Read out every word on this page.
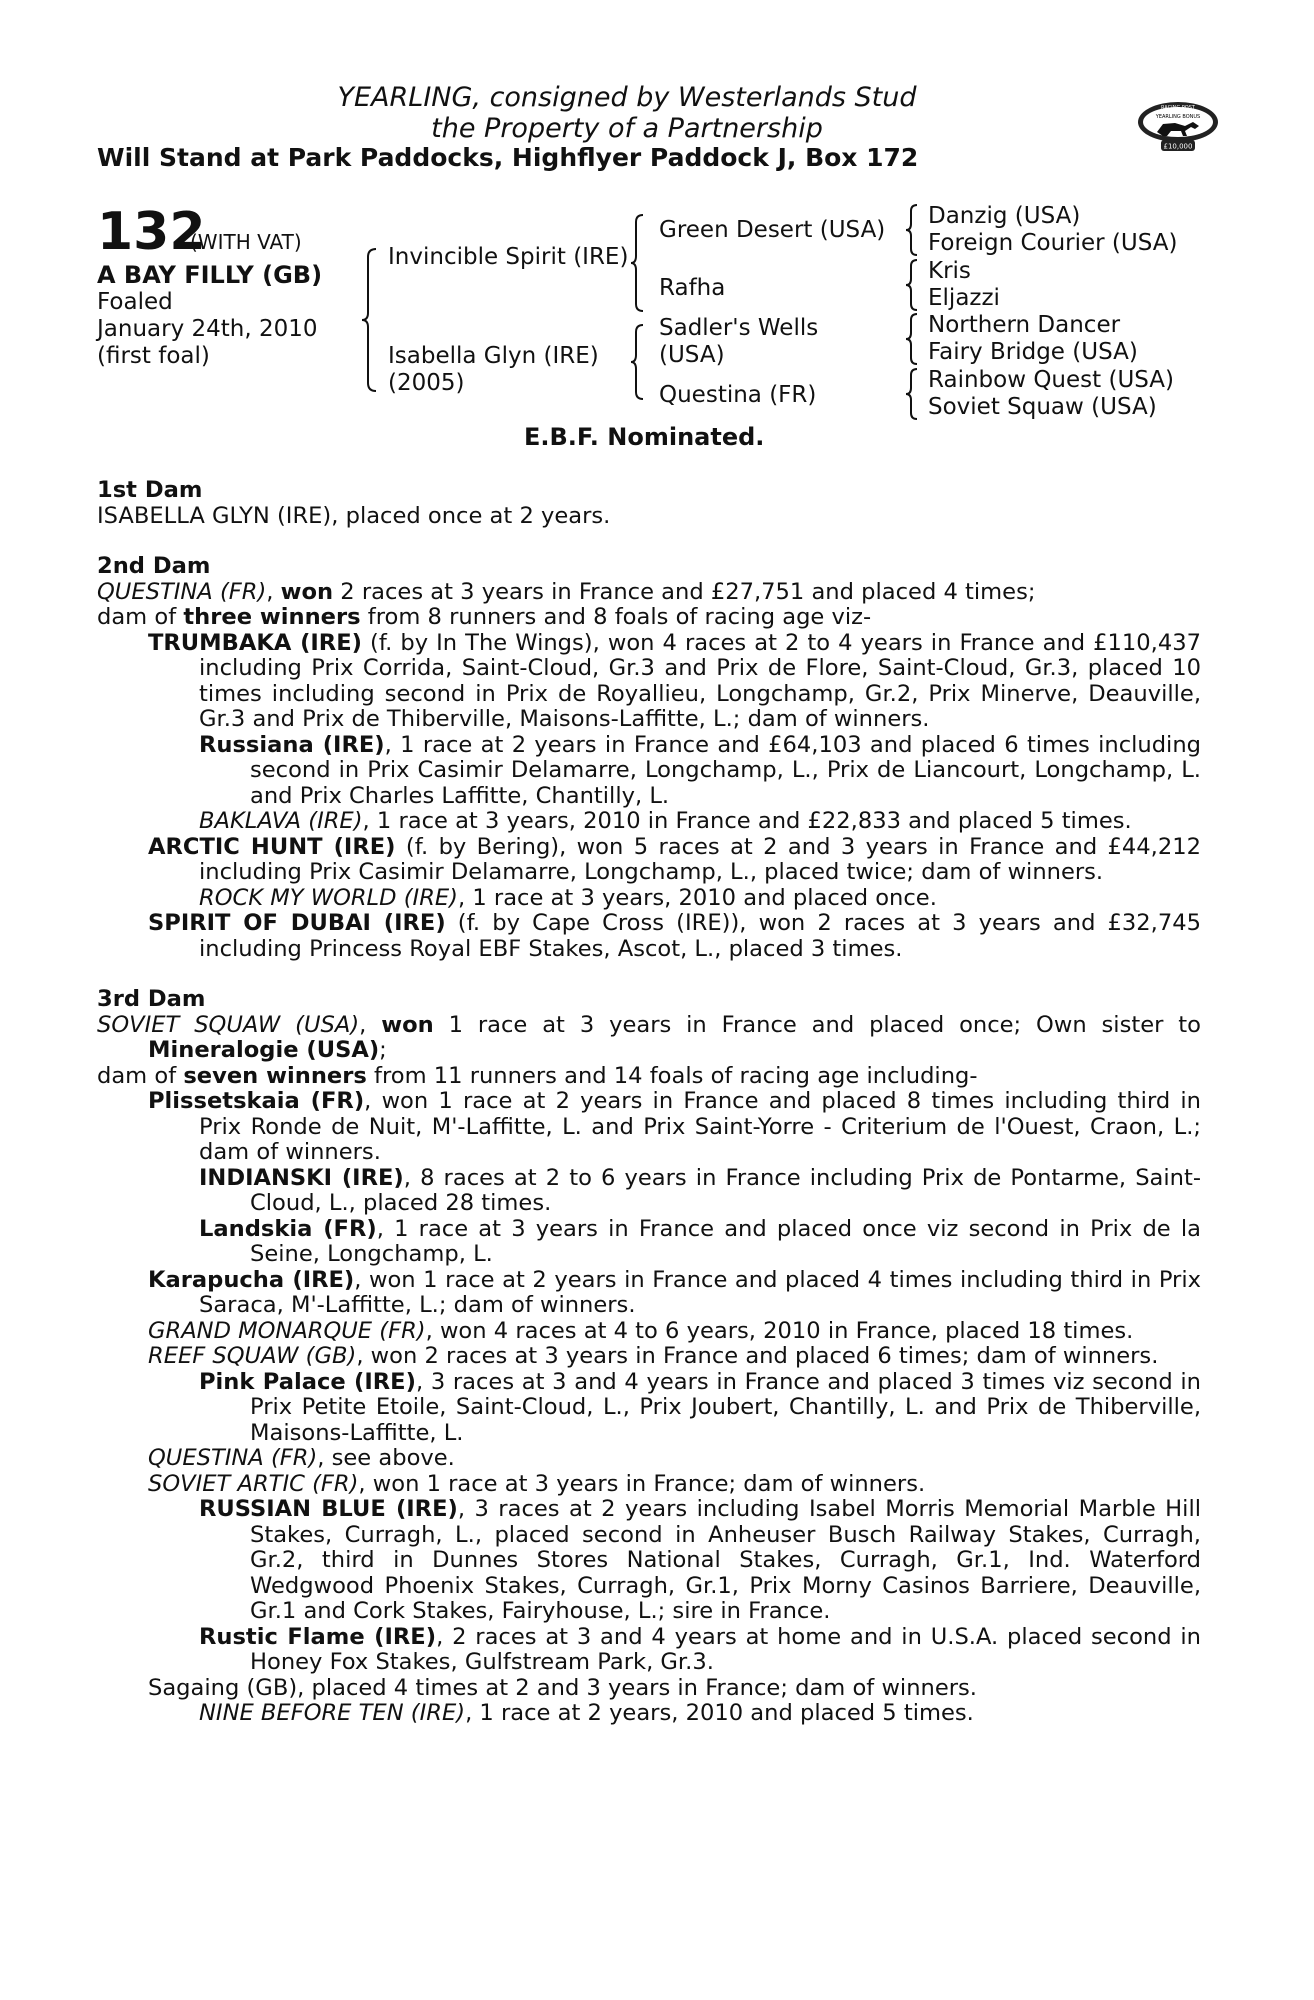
YEARLING, consigned by Westerlands Stud
the Property of a Partnership
Will Stand at Park Paddocks, Highflyer Paddock J, Box 172
RACING POST
YEARLING BONUS
£10,000
132
(WITH VAT)
A BAY FILLY (GB)
Foaled
January 24th, 2010
(first foal)
Invincible Spirit (IRE)
Isabella Glyn (IRE)
(2005)
Green Desert (USA)
Rafha
Sadler's Wells
(USA)
Questina (FR)
Danzig (USA)
Foreign Courier (USA)
Kris
Eljazzi
Northern Dancer
Fairy Bridge (USA)
Rainbow Quest (USA)
Soviet Squaw (USA)
E.B.F. Nominated.

1st Dam

ISABELLA GLYN (IRE), placed once at 2 years.

2nd Dam

QUESTINA (FR), won 2 races at 3 years in France and £27,751 and placed 4 times;

dam of three winners from 8 runners and 8 foals of racing age viz-

TRUMBAKA (IRE) (f. by In The Wings), won 4 races at 2 to 4 years in France and £110,437 including Prix Corrida, Saint-Cloud, Gr.3 and Prix de Flore, Saint-Cloud, Gr.3, placed 10 times including second in Prix de Royallieu, Longchamp, Gr.2, Prix Minerve, Deauville, Gr.3 and Prix de Thiberville, Maisons-Laffitte, L.; dam of winners.

Russiana (IRE), 1 race at 2 years in France and £64,103 and placed 6 times including second in Prix Casimir Delamarre, Longchamp, L., Prix de Liancourt, Longchamp, L. and Prix Charles Laffitte, Chantilly, L.

BAKLAVA (IRE), 1 race at 3 years, 2010 in France and £22,833 and placed 5 times.

ARCTIC HUNT (IRE) (f. by Bering), won 5 races at 2 and 3 years in France and £44,212 including Prix Casimir Delamarre, Longchamp, L., placed twice; dam of winners.

ROCK MY WORLD (IRE), 1 race at 3 years, 2010 and placed once.

SPIRIT OF DUBAI (IRE) (f. by Cape Cross (IRE)), won 2 races at 3 years and £32,745 including Princess Royal EBF Stakes, Ascot, L., placed 3 times.

3rd Dam

SOVIET SQUAW (USA), won 1 race at 3 years in France and placed once; Own sister to Mineralogie (USA);

dam of seven winners from 11 runners and 14 foals of racing age including-

Plissetskaia (FR), won 1 race at 2 years in France and placed 8 times including third in Prix Ronde de Nuit, M'-Laffitte, L. and Prix Saint-Yorre - Criterium de l'Ouest, Craon, L.; dam of winners.

INDIANSKI (IRE), 8 races at 2 to 6 years in France including Prix de Pontarme, Saint-Cloud, L., placed 28 times.

Landskia (FR), 1 race at 3 years in France and placed once viz second in Prix de la Seine, Longchamp, L.

Karapucha (IRE), won 1 race at 2 years in France and placed 4 times including third in Prix Saraca, M'-Laffitte, L.; dam of winners.

GRAND MONARQUE (FR), won 4 races at 4 to 6 years, 2010 in France, placed 18 times.

REEF SQUAW (GB), won 2 races at 3 years in France and placed 6 times; dam of winners.

Pink Palace (IRE), 3 races at 3 and 4 years in France and placed 3 times viz second in Prix Petite Etoile, Saint-Cloud, L., Prix Joubert, Chantilly, L. and Prix de Thiberville, Maisons-Laffitte, L.

QUESTINA (FR), see above.

SOVIET ARTIC (FR), won 1 race at 3 years in France; dam of winners.

RUSSIAN BLUE (IRE), 3 races at 2 years including Isabel Morris Memorial Marble Hill Stakes, Curragh, L., placed second in Anheuser Busch Railway Stakes, Curragh, Gr.2, third in Dunnes Stores National Stakes, Curragh, Gr.1, Ind. Waterford Wedgwood Phoenix Stakes, Curragh, Gr.1, Prix Morny Casinos Barriere, Deauville, Gr.1 and Cork Stakes, Fairyhouse, L.; sire in France.

Rustic Flame (IRE), 2 races at 3 and 4 years at home and in U.S.A. placed second in Honey Fox Stakes, Gulfstream Park, Gr.3.

Sagaing (GB), placed 4 times at 2 and 3 years in France; dam of winners.

NINE BEFORE TEN (IRE), 1 race at 2 years, 2010 and placed 5 times.
